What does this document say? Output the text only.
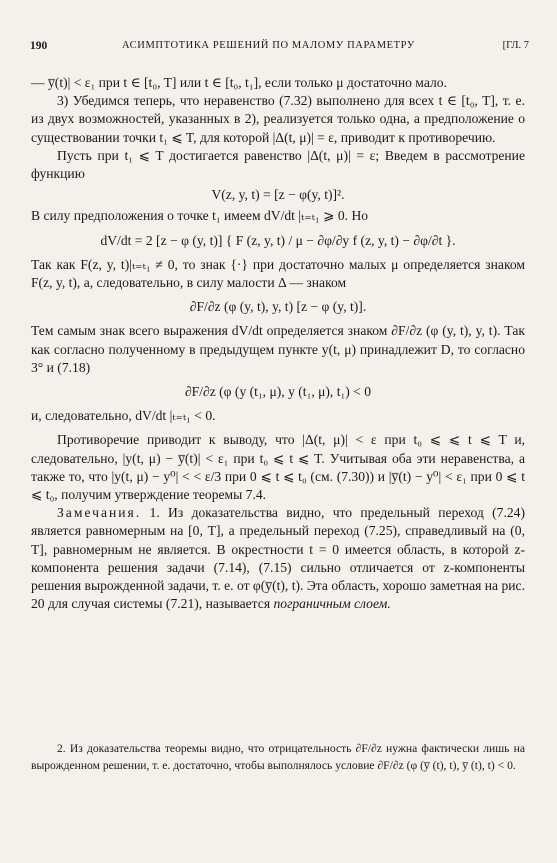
190	АСИМПТОТИКА РЕШЕНИЙ ПО МАЛОМУ ПАРАМЕТРУ	[ГЛ. 7

— y̅(t)| < ε₁ при t ∈ [t₀, T] или t ∈ [t₀, t₁], если только μ достаточно мало.

3) Убедимся теперь, что неравенство (7.32) выполнено для всех t ∈ [t₀, T], т. е. из двух возможностей, указанных в 2), реализуется только одна, а предположение о существовании точки t₁ ⩽ T, для которой |Δ(t, μ)| = ε, приводит к противоречию.

Пусть при t₁ ⩽ T достигается равенство |Δ(t, μ)| = ε; Введем в рассмотрение функцию

V(z, y, t) = [z − φ(y, t)]².

В силу предположения о точке t₁ имеем dV/dt |ₜ₌ₜ₁ ⩾ 0. Но

dV/dt = 2 [z − φ (y, t)] { F (z, y, t) / μ − ∂φ/∂y f (z, y, t) − ∂φ/∂t }.

Так как F(z, y, t)|ₜ₌ₜ₁ ≠ 0, то знак {·} при достаточно малых μ определяется знаком F(z, y, t), а, следовательно, в силу малости Δ — знаком

∂F/∂z (φ (y, t), y, t) [z − φ (y, t)].

Тем самым знак всего выражения dV/dt определяется знаком ∂F/∂z (φ (y, t), y, t). Так как согласно полученному в предыдущем пункте y(t, μ) принадлежит D, то согласно 3° и (7.18)

∂F/∂z (φ (y (t₁, μ), y (t₁, μ), t₁) < 0

и, следовательно, dV/dt |ₜ₌ₜ₁ < 0.

Противоречие приводит к выводу, что |Δ(t, μ)| < ε при t₀ ⩽ ⩽ t ⩽ T и, следовательно, |y(t, μ) − y̅(t)| < ε₁ при t₀ ⩽ t ⩽ T. Учитывая оба эти неравенства, а также то, что |y(t, μ) − y⁰| < < ε/3 при 0 ⩽ t ⩽ t₀ (см. (7.30)) и |y̅(t) − y⁰| < ε₁ при 0 ⩽ t ⩽ t₀, получим утверждение теоремы 7.4.

Замечания. 1. Из доказательства видно, что предельный переход (7.24) является равномерным на [0, T], а предельный переход (7.25), справедливый на (0, T], равномерным не является. В окрестности t = 0 имеется область, в которой z-компонента решения задачи (7.14), (7.15) сильно отличается от z-компоненты решения вырожденной задачи, т. е. от φ(y̅(t), t). Эта область, хорошо заметная на рис. 20 для случая системы (7.21), называется пограничным слоем.

2. Из доказательства теоремы видно, что отрицательность ∂F/∂z нужна фактически лишь на вырожденном решении, т. е. достаточно, чтобы выполнялось условие ∂F/∂z (φ (y̅ (t), t), y̅ (t), t) < 0.
